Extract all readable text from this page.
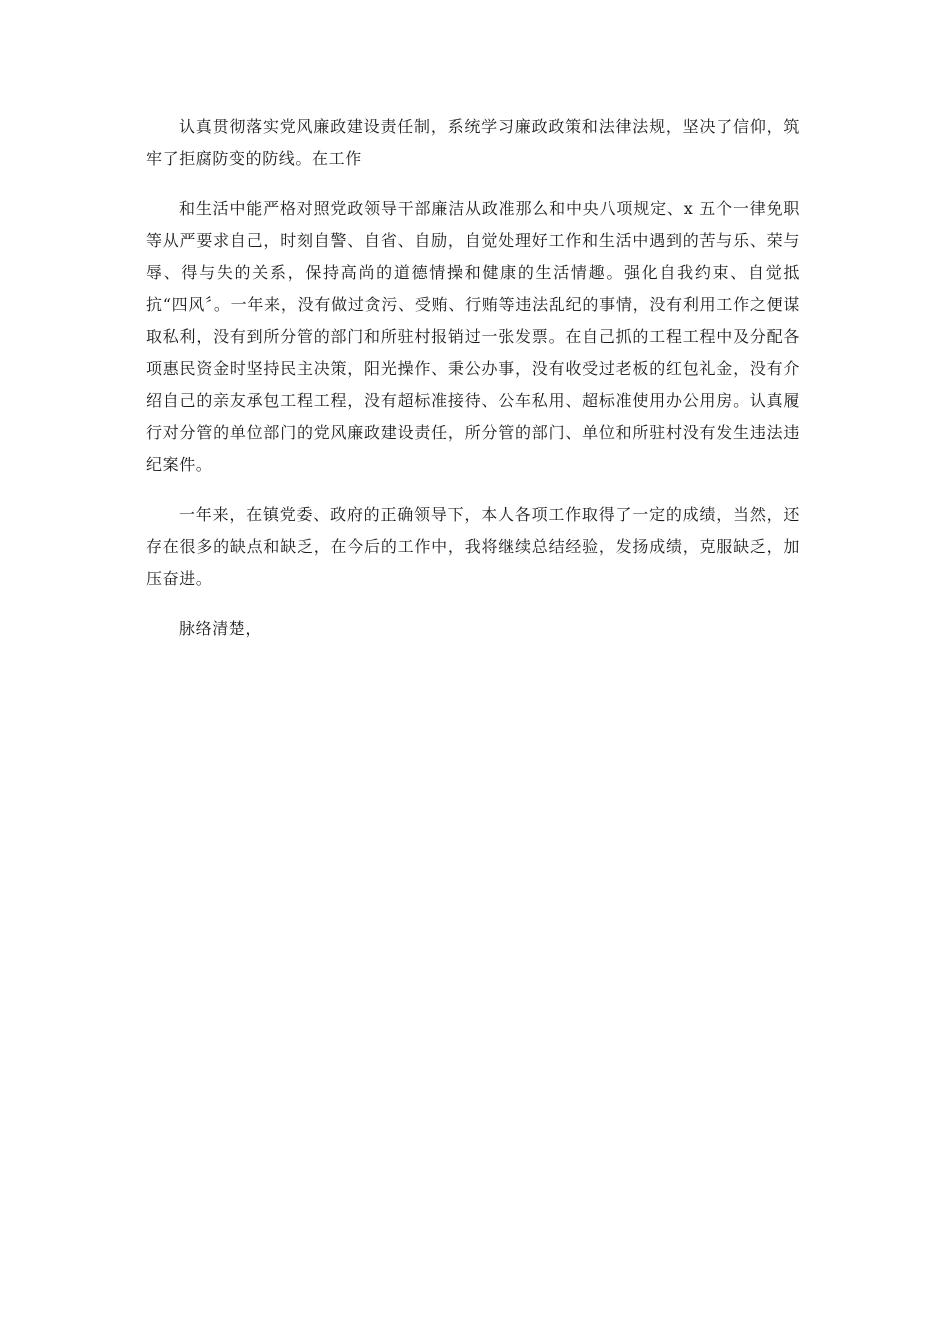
认真贯彻落实党风廉政建设责任制，系统学习廉政政策和法律法规，坚决了信仰，筑牢了拒腐防变的防线。在工作

和生活中能严格对照党政领导干部廉洁从政准那么和中央八项规定、x 五个一律免职等从严要求自己，时刻自警、自省、自励，自觉处理好工作和生活中遇到的苦与乐、荣与辱、得与失的关系，保持高尚的道德情操和健康的生活情趣。强化自我约束、自觉抵抗“四风〞。一年来，没有做过贪污、受贿、行贿等违法乱纪的事情，没有利用工作之便谋取私利，没有到所分管的部门和所驻村报销过一张发票。在自己抓的工程工程中及分配各项惠民资金时坚持民主决策，阳光操作、秉公办事，没有收受过老板的红包礼金，没有介绍自己的亲友承包工程工程，没有超标准接待、公车私用、超标准使用办公用房。认真履行对分管的单位部门的党风廉政建设责任，所分管的部门、单位和所驻村没有发生违法违纪案件。

一年来，在镇党委、政府的正确领导下，本人各项工作取得了一定的成绩，当然，还存在很多的缺点和缺乏，在今后的工作中，我将继续总结经验，发扬成绩，克服缺乏，加压奋进。

脉络清楚，
